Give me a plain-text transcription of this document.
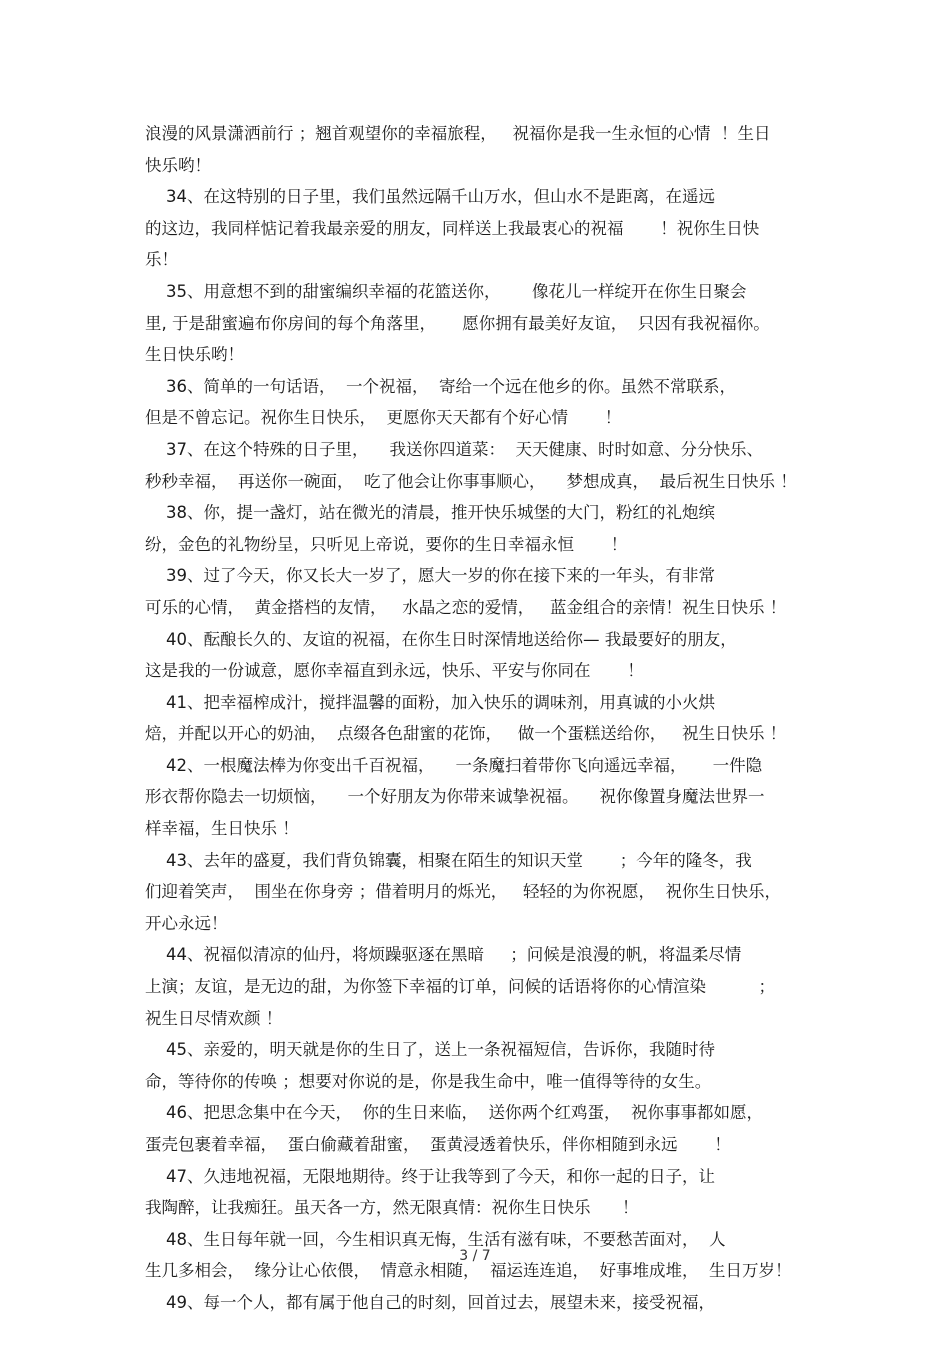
浪漫的风景潇洒前行 ；翘首观望你的幸福旅程，   祝福你是我一生永恒的心情  ！生日
快乐哟！

34、在这特别的日子里，我们虽然远隔千山万水，但山水不是距离，在遥远
的这边，我同样惦记着我最亲爱的朋友，同样送上我最衷心的祝福       ！祝你生日快
乐！

35、用意想不到的甜蜜编织幸福的花篮送你，      像花儿一样绽开在你生日聚会
里, 于是甜蜜遍布你房间的每个角落里，     愿你拥有最美好友谊，  只因有我祝福你。
生日快乐哟！

36、简单的一句话语，  一个祝福，  寄给一个远在他乡的你。虽然不常联系，
但是不曾忘记。祝你生日快乐，  更愿你天天都有个好心情       ！

37、在这个特殊的日子里，    我送你四道菜：  天天健康、时时如意、分分快乐、
秒秒幸福，  再送你一碗面，  吃了他会让你事事顺心，    梦想成真，  最后祝生日快乐 ！

38、你，提一盏灯，站在微光的清晨，推开快乐城堡的大门，粉红的礼炮缤
纷，金色的礼物纷呈，只听见上帝说，要你的生日幸福永恒       ！

39、过了今天，你又长大一岁了，愿大一岁的你在接下来的一年头，有非常
可乐的心情，  黄金搭档的友情，   水晶之恋的爱情，   蓝金组合的亲情！祝生日快乐 ！

40、酝酿长久的、友谊的祝福，在你生日时深情地送给你— 我最要好的朋友，
这是我的一份诚意，愿你幸福直到永远，快乐、平安与你同在       ！

41、把幸福榨成汁，搅拌温馨的面粉，加入快乐的调味剂，用真诚的小火烘
焙，并配以开心的奶油，  点缀各色甜蜜的花饰，   做一个蛋糕送给你，   祝生日快乐 ！

42、一根魔法棒为你变出千百祝福，    一条魔扫着带你飞向遥远幸福，     一件隐
形衣帮你隐去一切烦恼，    一个好朋友为你带来诚挚祝福。    祝你像置身魔法世界一
样幸福，生日快乐 ！

43、去年的盛夏，我们背负锦囊，相聚在陌生的知识天堂       ；今年的隆冬，我
们迎着笑声，  围坐在你身旁 ；借着明月的烁光，   轻轻的为你祝愿，  祝你生日快乐，
开心永远！

44、祝福似清凉的仙丹，将烦躁驱逐在黑暗     ；问候是浪漫的帆，将温柔尽情
上演；友谊，是无边的甜，为你签下幸福的订单，问候的话语将你的心情渲染          ；
祝生日尽情欢颜 ！

45、亲爱的，明天就是你的生日了，送上一条祝福短信，告诉你，我随时待
命，等待你的传唤 ；想要对你说的是，你是我生命中，唯一值得等待的女生。

46、把思念集中在今天，  你的生日来临，  送你两个红鸡蛋，  祝你事事都如愿，
蛋壳包裹着幸福，  蛋白偷藏着甜蜜，  蛋黄浸透着快乐，伴你相随到永远       ！

47、久违地祝福，无限地期待。终于让我等到了今天，和你一起的日子，让
我陶醉，让我痴狂。虽天各一方，然无限真情：祝你生日快乐      ！

48、生日每年就一回，今生相识真无悔，生活有滋有味，不要愁苦面对，  人
生几多相会，  缘分让心依偎，  情意永相随，  福运连连追，  好事堆成堆，  生日万岁！

49、每一个人，都有属于他自己的时刻，回首过去，展望未来，接受祝福，

3 / 7
